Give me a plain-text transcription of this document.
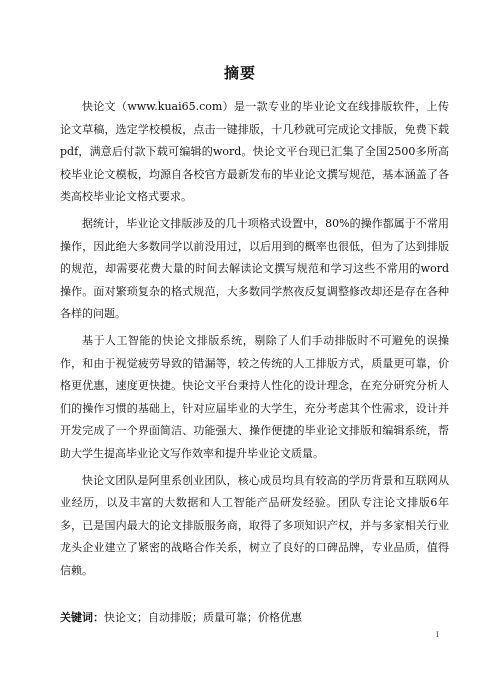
摘要

快论文（www.kuai65.com）是一款专业的毕业论文在线排版软件，上传论文草稿，选定学校模板，点击一键排版，十几秒就可完成论文排版，免费下载pdf，满意后付款下载可编辑的word。快论文平台现已汇集了全国2500多所高校毕业论文模板，均源自各校官方最新发布的毕业论文撰写规范，基本涵盖了各类高校毕业论文格式要求。

据统计，毕业论文排版涉及的几十项格式设置中，80%的操作都属于不常用操作，因此绝大多数同学以前没用过，以后用到的概率也很低，但为了达到排版的规范，却需要花费大量的时间去解读论文撰写规范和学习这些不常用的word操作。面对繁琐复杂的格式规范，大多数同学熬夜反复调整修改却还是存在各种各样的问题。

基于人工智能的快论文排版系统，剔除了人们手动排版时不可避免的误操作，和由于视觉疲劳导致的错漏等，较之传统的人工排版方式，质量更可靠，价格更优惠，速度更快捷。快论文平台秉持人性化的设计理念，在充分研究分析人们的操作习惯的基础上，针对应届毕业的大学生，充分考虑其个性需求，设计并开发完成了一个界面简洁、功能强大、操作便捷的毕业论文排版和编辑系统，帮助大学生提高毕业论文写作效率和提升毕业论文质量。

快论文团队是阿里系创业团队，核心成员均具有较高的学历背景和互联网从业经历，以及丰富的大数据和人工智能产品研发经验。团队专注论文排版6年多，已是国内最大的论文排版服务商，取得了多项知识产权，并与多家相关行业龙头企业建立了紧密的战略合作关系，树立了良好的口碑品牌，专业品质，值得信赖。

关键词：快论文；自动排版；质量可靠；价格优惠
I
